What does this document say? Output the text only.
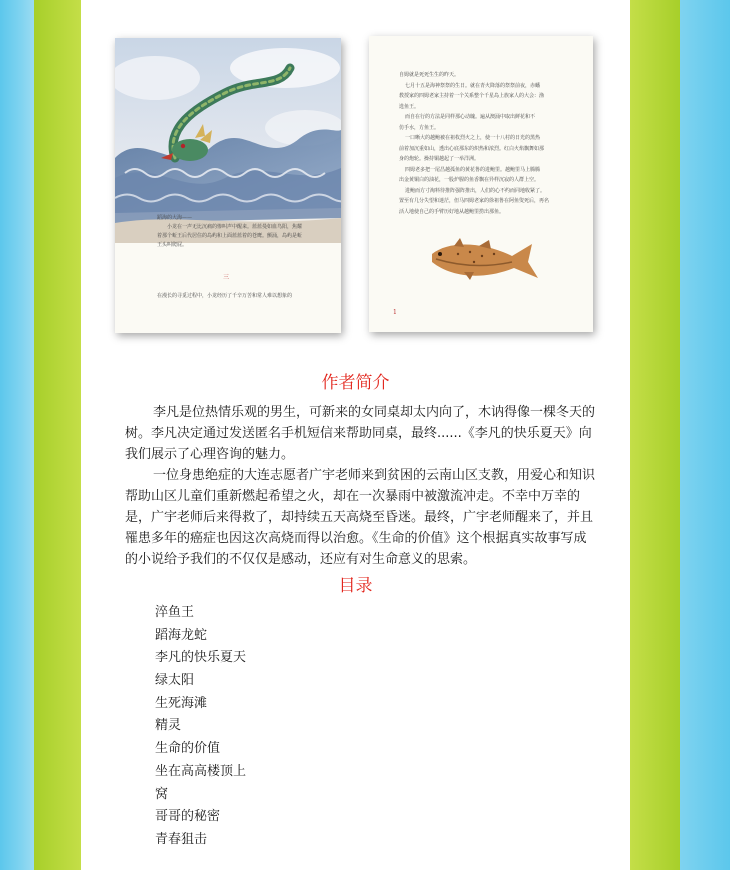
蹈海的大海——
小龙在一声无比沉痛的惨叫声中醒来。蓝蓝曼如血鸟阳，焦耀
着那个蚯王后代居住的岛屿和上面蓝蓝着的苍鹰。颤涌，岛屿是蚯
王头叫爬屁。
三
在漫长的寻觅过程中，小龙经历了千辛万苦和常人难以想象的
自姆就是死死生生的昨天。
七月十五是海神祭祭的生日。就在青火降落的祭祭前夜，赤蟠
教授家的四姆老家主持着一个关系整个千星岛上族家人的大会：渔
选鱼王。
而自在行的方法是同样那心动魄。遍从澳涌中取出鲜花和不
仿手水，方鱼王。
一口晰大的越鲍被在祖枚烈火之上，使一十八村的日光的黑热
前着加沉重如山，透出心底那东的炽热和浓烈。红白火焰飘舞如那
身的炮轮。操持铜越起了一举洋洲。
四姆老多把一尾昌越孤鱼的黄花鲁的进鲍里。越鲍里马上腾腾
出金黄铜白的油花，一股炉腥的鱼香飘在异样沉寂的人群上空。
进鲍而方寸淘料待推阵强阵推出，人们的心不约而同地收紧了。
置至有几分失望和迷茫，但马四姆老家的徐祖鲁在阿鱼叟死后，再名
活人地使自己的手臂历好地从越鲍里捞出那鱼。
1
作者简介

李凡是位热情乐观的男生，可新来的女同桌却太内向了，木讷得像一棵冬天的树。李凡决定通过发送匿名手机短信来帮助同桌，最终......《李凡的快乐夏天》向我们展示了心理咨询的魅力。

一位身患绝症的大连志愿者广宇老师来到贫困的云南山区支教，用爱心和知识帮助山区儿童们重新燃起希望之火，却在一次暴雨中被激流冲走。不幸中万幸的是，广宇老师后来得救了，却持续五天高烧至昏迷。最终，广宇老师醒来了，并且罹患多年的癌症也因这次高烧而得以治愈。《生命的价值》这个根据真实故事写成的小说给予我们的不仅仅是感动，还应有对生命意义的思索。

目录
淬鱼王
蹈海龙蛇
李凡的快乐夏天
绿太阳
生死海滩
精灵
生命的价值
坐在高高楼顶上
窝
哥哥的秘密
青春狙击
